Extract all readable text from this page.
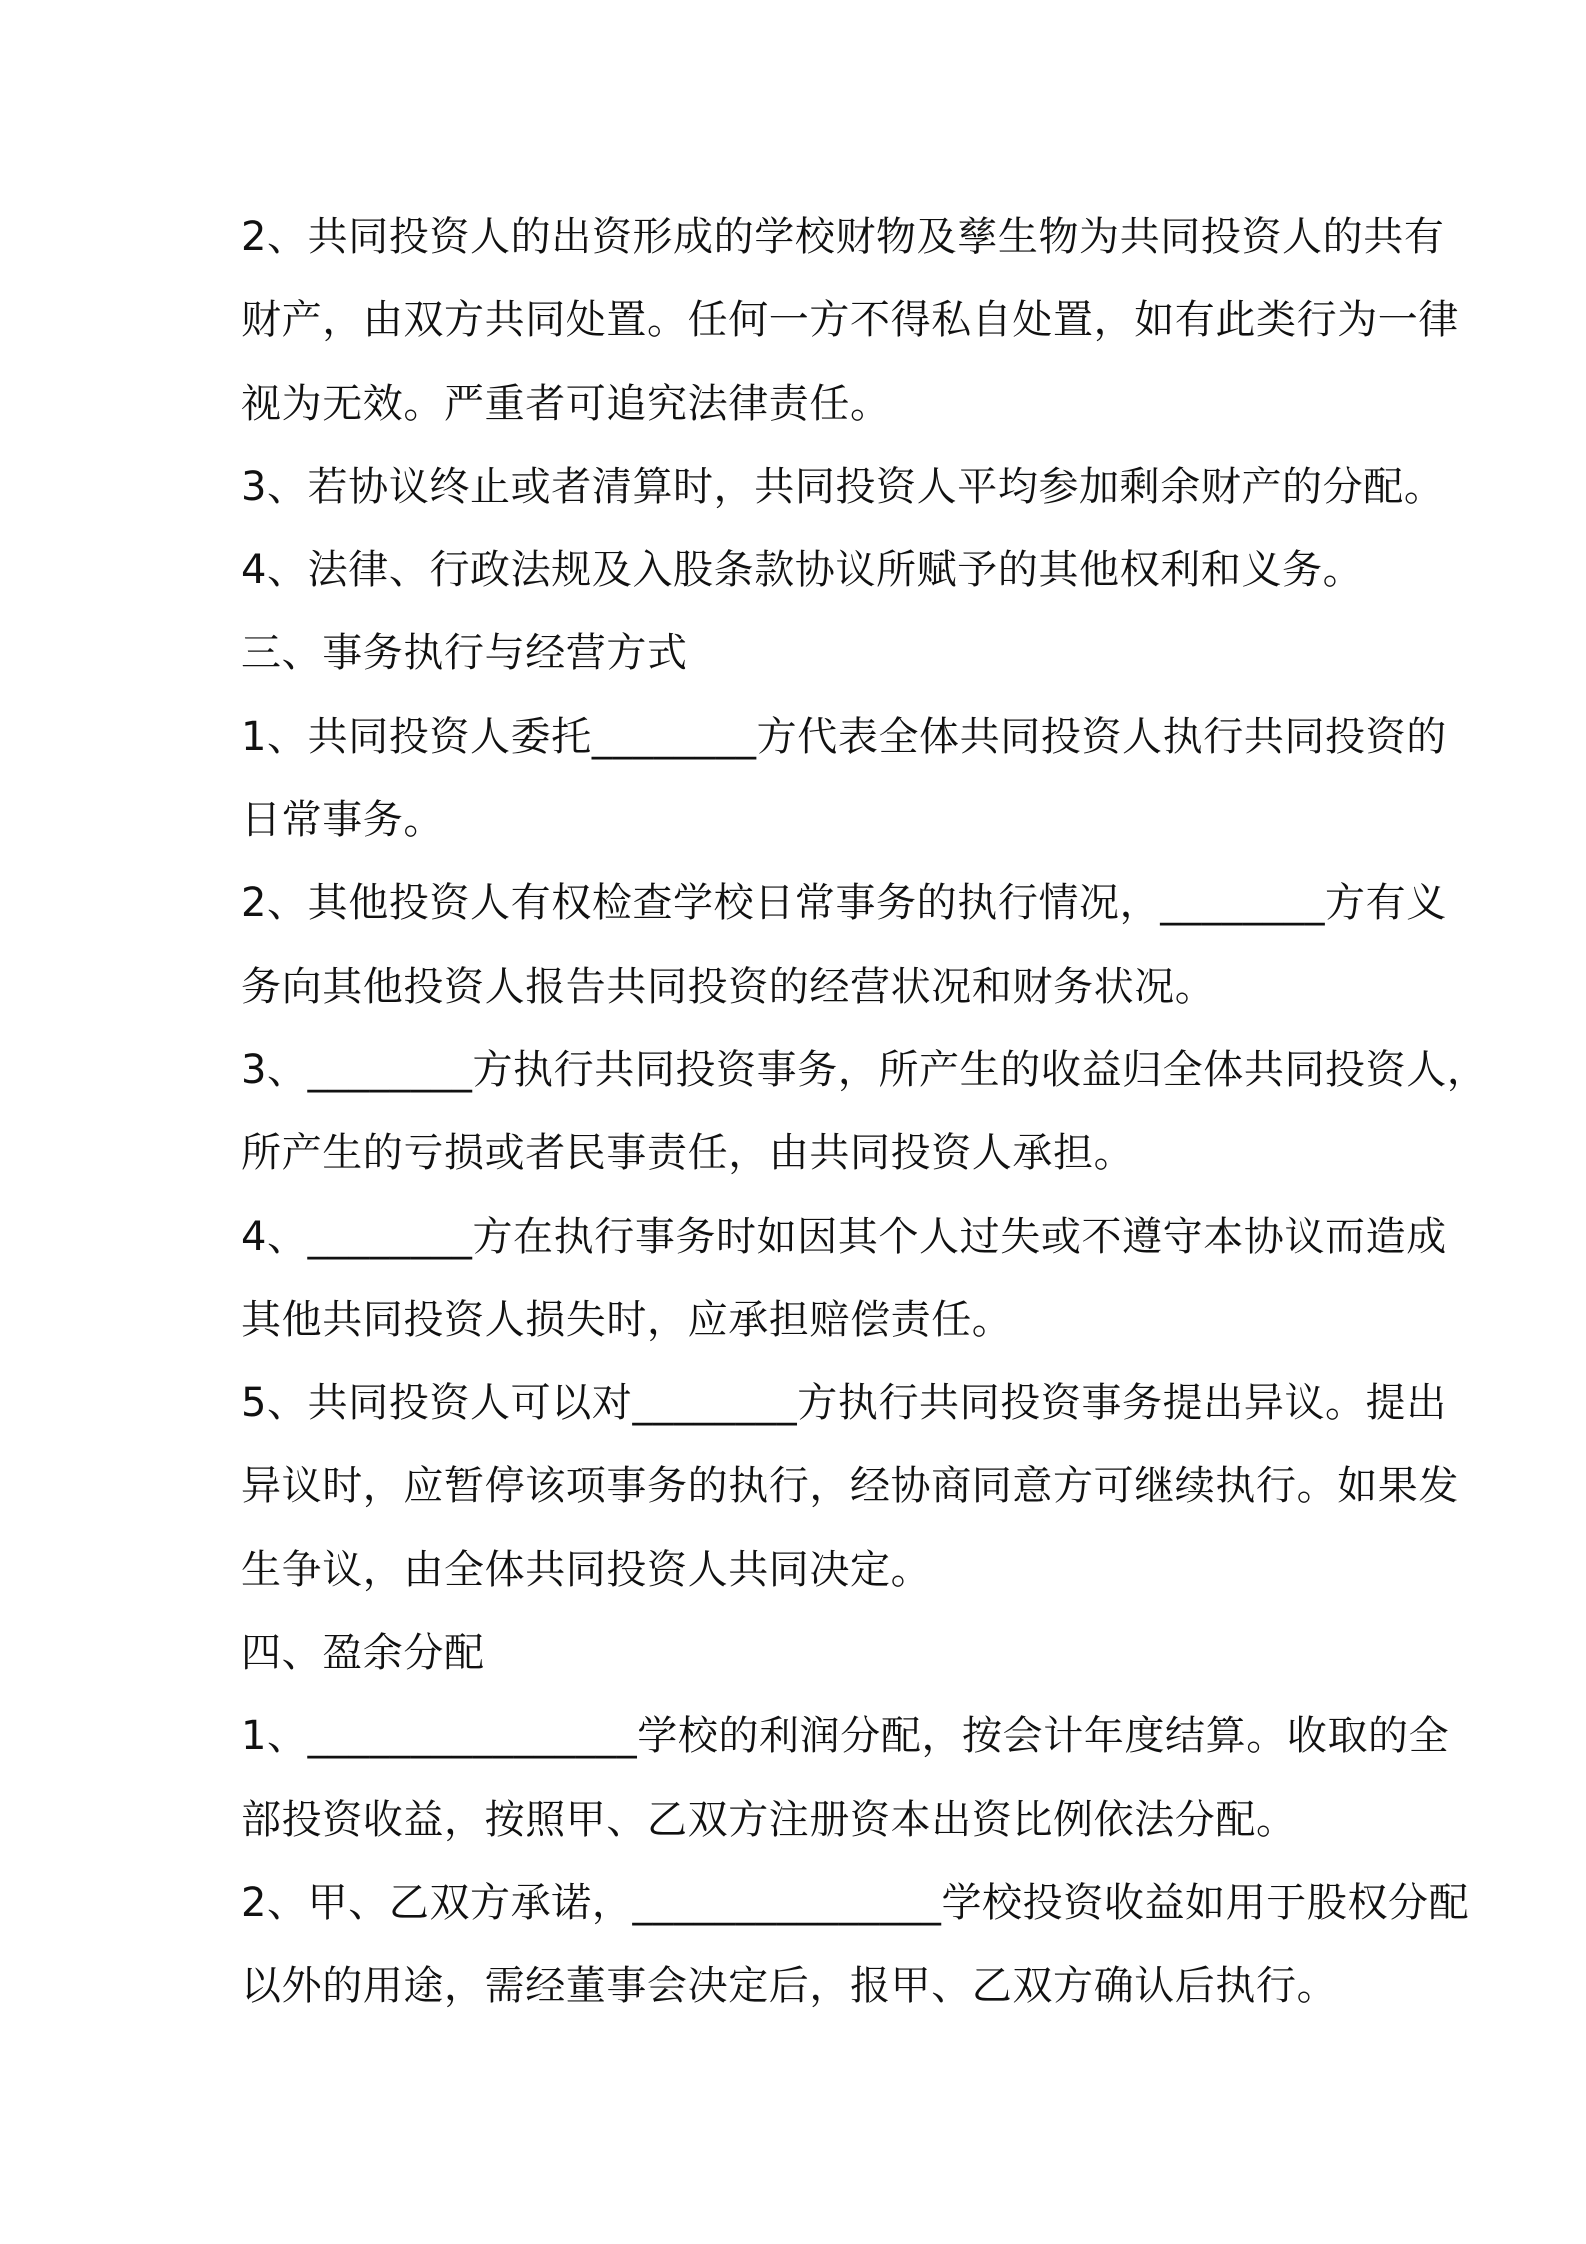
2、共同投资人的出资形成的学校财物及孳生物为共同投资人的共有
财产，由双方共同处置。任何一方不得私自处置，如有此类行为一律
视为无效。严重者可追究法律责任。
3、若协议终止或者清算时，共同投资人平均参加剩余财产的分配。
4、法律、行政法规及入股条款协议所赋予的其他权利和义务。
三、事务执行与经营方式
1、共同投资人委托________方代表全体共同投资人执行共同投资的
日常事务。
2、其他投资人有权检查学校日常事务的执行情况，________方有义
务向其他投资人报告共同投资的经营状况和财务状况。
3、________方执行共同投资事务，所产生的收益归全体共同投资人，
所产生的亏损或者民事责任，由共同投资人承担。
4、________方在执行事务时如因其个人过失或不遵守本协议而造成
其他共同投资人损失时，应承担赔偿责任。
5、共同投资人可以对________方执行共同投资事务提出异议。提出
异议时，应暂停该项事务的执行，经协商同意方可继续执行。如果发
生争议，由全体共同投资人共同决定。
四、盈余分配
1、________________学校的利润分配，按会计年度结算。收取的全
部投资收益，按照甲、乙双方注册资本出资比例依法分配。
2、甲、乙双方承诺，_______________学校投资收益如用于股权分配
以外的用途，需经董事会决定后，报甲、乙双方确认后执行。
